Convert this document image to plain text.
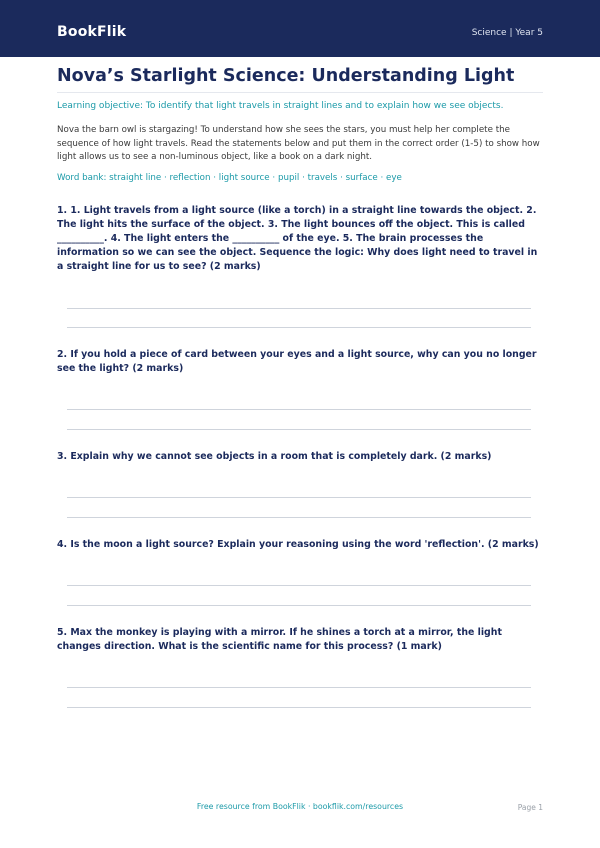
BookFlik	Science | Year 5
Nova’s Starlight Science: Understanding Light
Learning objective: To identify that light travels in straight lines and to explain how we see objects.
Nova the barn owl is stargazing! To understand how she sees the stars, you must help her complete the sequence of how light travels. Read the statements below and put them in the correct order (1-5) to show how light allows us to see a non-luminous object, like a book on a dark night.
Word bank: straight line · reflection · light source · pupil · travels · surface · eye
1. 1. Light travels from a light source (like a torch) in a straight line towards the object. 2. The light hits the surface of the object. 3. The light bounces off the object. This is called __________. 4. The light enters the __________ of the eye. 5. The brain processes the information so we can see the object. Sequence the logic: Why does light need to travel in a straight line for us to see? (2 marks)
2. If you hold a piece of card between your eyes and a light source, why can you no longer see the light? (2 marks)
3. Explain why we cannot see objects in a room that is completely dark. (2 marks)
4. Is the moon a light source? Explain your reasoning using the word 'reflection'. (2 marks)
5. Max the monkey is playing with a mirror. If he shines a torch at a mirror, the light changes direction. What is the scientific name for this process? (1 mark)
Free resource from BookFlik · bookflik.com/resources	Page 1
